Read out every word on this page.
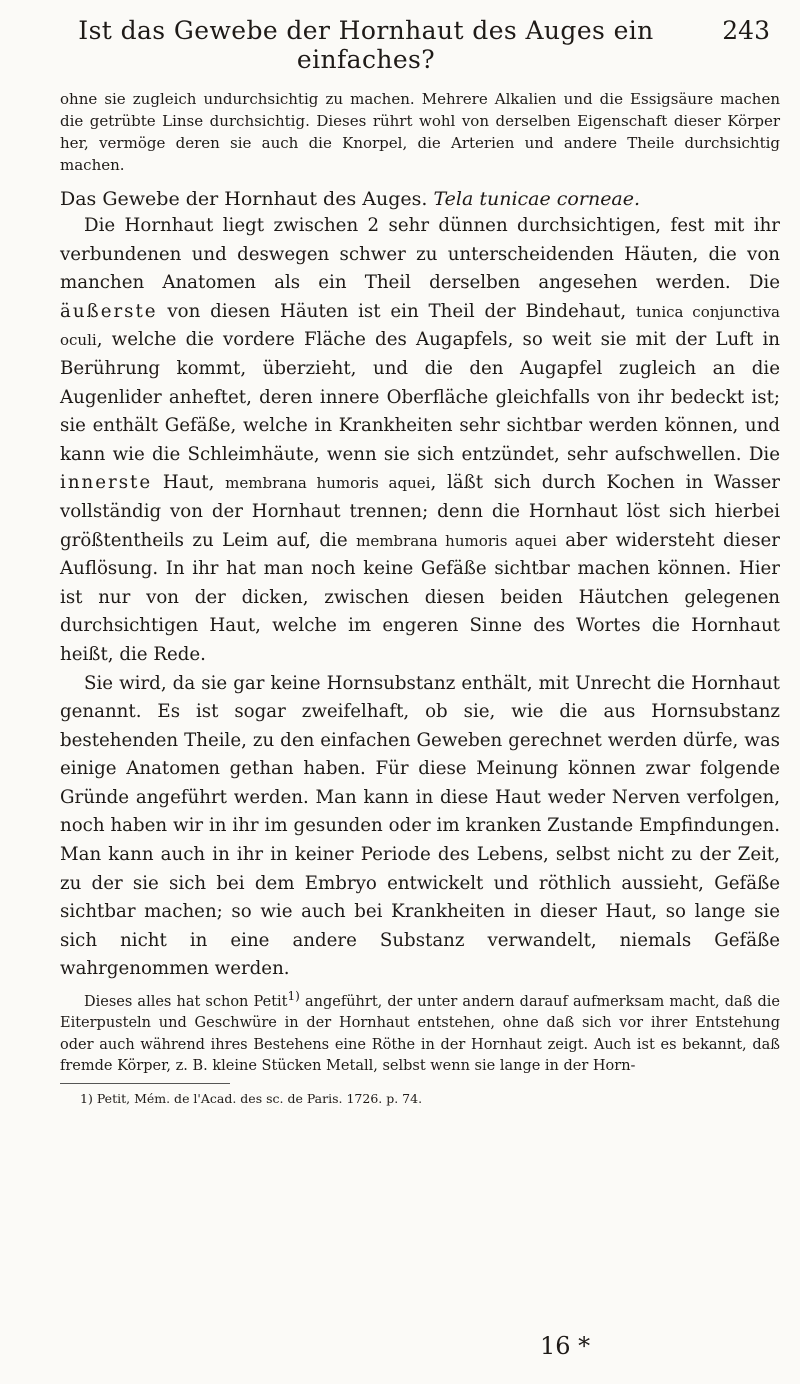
Ist das Gewebe der Hornhaut des Auges ein einfaches?
243

ohne sie zugleich undurchsichtig zu machen. Mehrere Alkalien und die Essigsäure machen die getrübte Linse durchsichtig. Dieses rührt wohl von derselben Eigenschaft dieser Körper her, vermöge deren sie auch die Knorpel, die Arterien und andere Theile durchsichtig machen.

Das Gewebe der Hornhaut des Auges. Tela tunicae corneae.

Die Hornhaut liegt zwischen 2 sehr dünnen durchsichtigen, fest mit ihr verbundenen und deswegen schwer zu unterscheidenden Häuten, die von manchen Anatomen als ein Theil derselben angesehen werden. Die äußerste von diesen Häuten ist ein Theil der Bindehaut, tunica conjunctiva oculi, welche die vordere Fläche des Augapfels, so weit sie mit der Luft in Berührung kommt, überzieht, und die den Augapfel zugleich an die Augenlider anheftet, deren innere Oberfläche gleichfalls von ihr bedeckt ist; sie enthält Gefäße, welche in Krankheiten sehr sichtbar werden können, und kann wie die Schleimhäute, wenn sie sich entzündet, sehr aufschwellen. Die innerste Haut, membrana humoris aquei, läßt sich durch Kochen in Wasser vollständig von der Hornhaut trennen; denn die Hornhaut löst sich hierbei größtentheils zu Leim auf, die membrana humoris aquei aber widersteht dieser Auflösung. In ihr hat man noch keine Gefäße sichtbar machen können. Hier ist nur von der dicken, zwischen diesen beiden Häutchen gelegenen durchsichtigen Haut, welche im engeren Sinne des Wortes die Hornhaut heißt, die Rede.

Sie wird, da sie gar keine Hornsubstanz enthält, mit Unrecht die Hornhaut genannt. Es ist sogar zweifelhaft, ob sie, wie die aus Hornsubstanz bestehenden Theile, zu den einfachen Geweben gerechnet werden dürfe, was einige Anatomen gethan haben. Für diese Meinung können zwar folgende Gründe angeführt werden. Man kann in diese Haut weder Nerven verfolgen, noch haben wir in ihr im gesunden oder im kranken Zustande Empfindungen. Man kann auch in ihr in keiner Periode des Lebens, selbst nicht zu der Zeit, zu der sie sich bei dem Embryo entwickelt und röthlich aussieht, Gefäße sichtbar machen; so wie auch bei Krankheiten in dieser Haut, so lange sie sich nicht in eine andere Substanz verwandelt, niemals Gefäße wahrgenommen werden.

Dieses alles hat schon Petit$^{1)}$ angeführt, der unter andern darauf aufmerksam macht, daß die Eiterpusteln und Geschwüre in der Hornhaut entstehen, ohne daß sich vor ihrer Entstehung oder auch während ihres Bestehens eine Röthe in der Hornhaut zeigt. Auch ist es bekannt, daß fremde Körper, z. B. kleine Stücken Metall, selbst wenn sie lange in der Horn-

1) Petit, Mém. de l'Acad. des sc. de Paris. 1726. p. 74.

16 *
